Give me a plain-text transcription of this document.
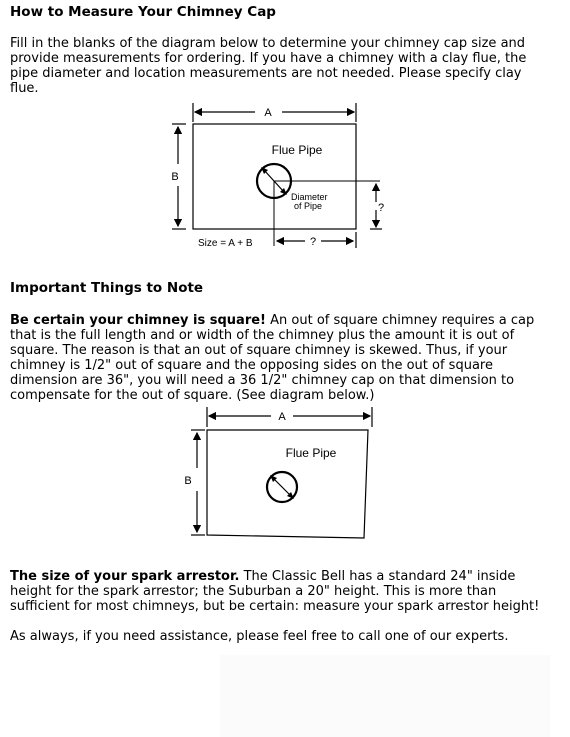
How to Measure Your Chimney Cap

Fill in the blanks of the diagram below to determine your chimney cap size and provide measurements for ordering. If you have a chimney with a clay flue, the pipe diameter and location measurements are not needed. Please specify clay flue.

Important Things to Note

Be certain your chimney is square! An out of square chimney requires a cap that is the full length and or width of the chimney plus the amount it is out of square. The reason is that an out of square chimney is skewed. Thus, if your chimney is 1/2" out of square and the opposing sides on the out of square dimension are 36", you will need a 36 1/2" chimney cap on that dimension to compensate for the out of square. (See diagram below.)

The size of your spark arrestor. The Classic Bell has a standard 24" inside height for the spark arrestor; the Suburban a 20" height. This is more than sufficient for most chimneys, but be certain: measure your spark arrestor height!

As always, if you need assistance, please feel free to call one of our experts.

A
B
Flue Pipe
Diameter
of Pipe	?
?
Size = A + B
A
B
Flue Pipe
